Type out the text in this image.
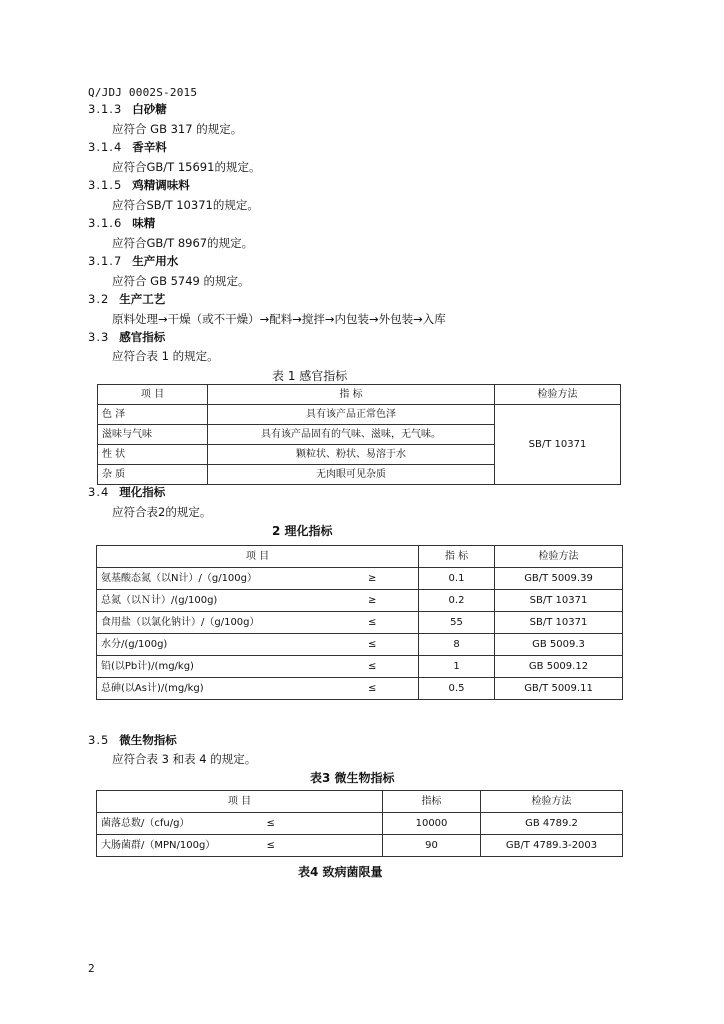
Q/JDJ 0002S-2015
3.1.3 白砂糖
应符合 GB 317 的规定。
3.1.4 香辛料
应符合GB/T 15691的规定。
3.1.5 鸡精调味料
应符合SB/T 10371的规定。
3.1.6 味精
应符合GB/T 8967的规定。
3.1.7 生产用水
应符合 GB 5749 的规定。
3.2 生产工艺
原料处理→干燥（或不干燥）→配料→搅拌→内包装→外包装→入库
3.3 感官指标
应符合表 1 的规定。
表 1 感官指标
项 目	指 标	检验方法
色 泽	具有该产品正常色泽	SB/T 10371
滋味与气味	具有该产品固有的气味、滋味，无气味。	
性 状	颗粒状、粉状、易溶于水	
杂 质	无肉眼可见杂质	
3.4 理化指标
应符合表2的规定。
2 理化指标
项 目		指 标	检验方法
氨基酸态氮（以N计）/（g/100g）	≥	0.1	GB/T 5009.39
总氮（以Ｎ计）/(g/100g)	≥	0.2	SB/T 10371
食用盐（以氯化钠计）/（g/100g）	≤	55	SB/T 10371
水分/(g/100g)	≤	8	GB 5009.3
铅(以Pb计)/(mg/kg)	≤	1	GB 5009.12
总砷(以As计)/(mg/kg)	≤	0.5	GB/T 5009.11
3.5 微生物指标
应符合表 3 和表 4 的规定。
表3 微生物指标
项 目		指标	检验方法
菌落总数/（cfu/g）	≤	10000	GB 4789.2
大肠菌群/（MPN/100g）	≤	90	GB/T 4789.3-2003
表4 致病菌限量
2
